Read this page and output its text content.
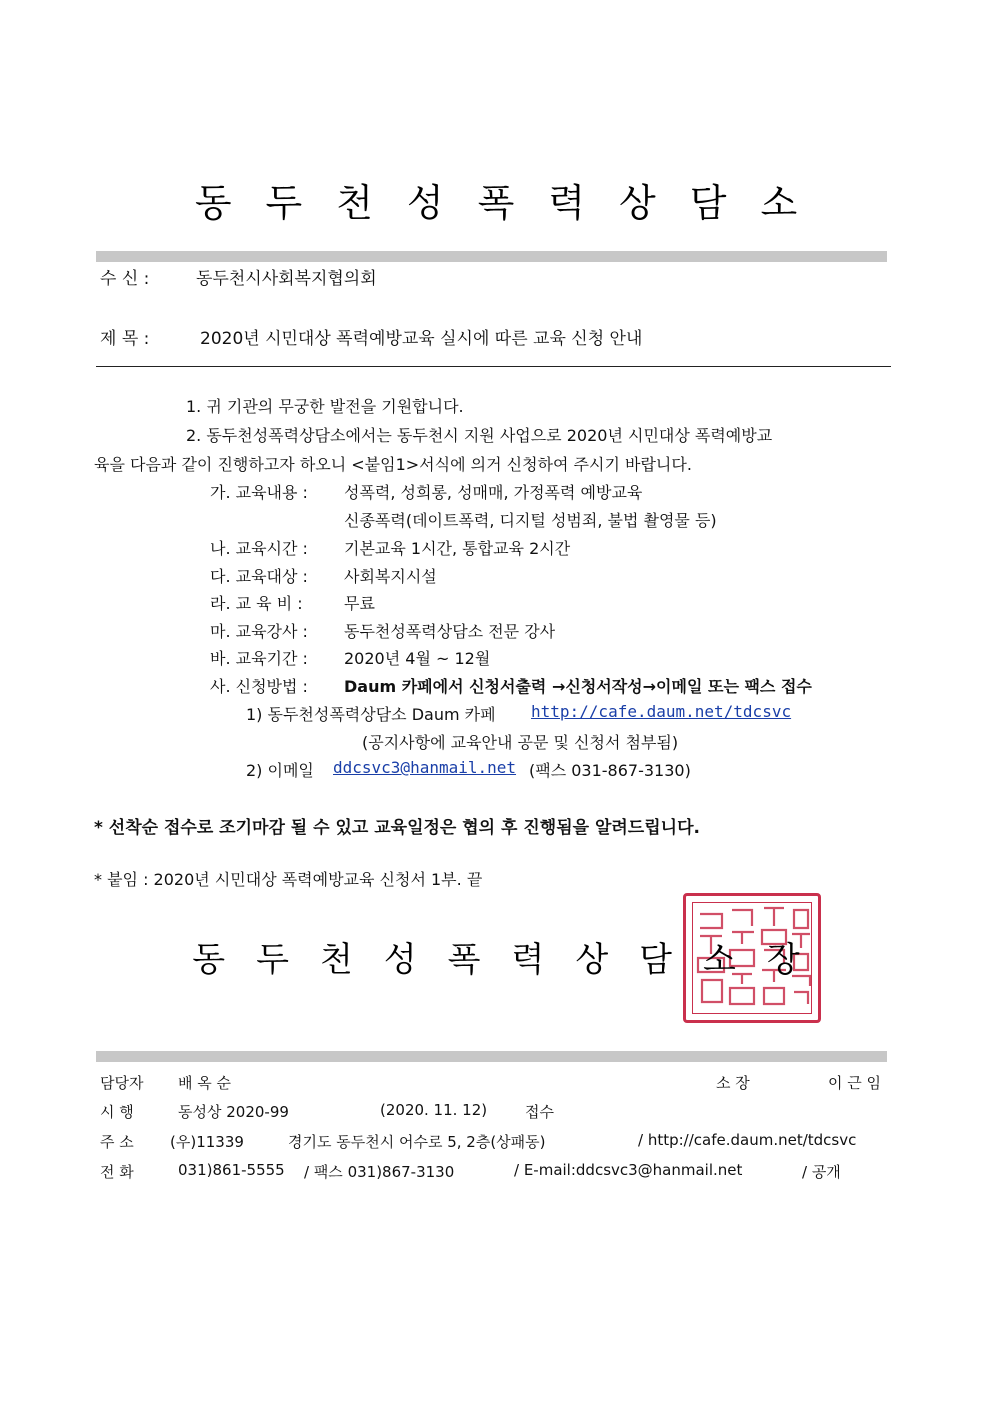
동두천성폭력상담소
수 신 :	동두천시사회복지협의회
제 목 :	2020년 시민대상 폭력예방교육 실시에 따른 교육 신청 안내
1. 귀 기관의 무궁한 발전을 기원합니다.
2. 동두천성폭력상담소에서는 동두천시 지원 사업으로 2020년 시민대상 폭력예방교
육을 다음과 같이 진행하고자 하오니 <붙임1>서식에 의거 신청하여 주시기 바랍니다.
가. 교육내용 : 성폭력, 성희롱, 성매매, 가정폭력 예방교육
신종폭력(데이트폭력, 디지털 성범죄, 불법 촬영물 등)
나. 교육시간 : 기본교육 1시간, 통합교육 2시간
다. 교육대상 : 사회복지시설
라. 교 육 비 :	무료
마. 교육강사 : 동두천성폭력상담소 전문 강사
바. 교육기간 : 2020년 4월 ~ 12월
사. 신청방법 : Daum 카페에서 신청서출력 →신청서작성→이메일 또는 팩스 접수
1) 동두천성폭력상담소 Daum 카페 http://cafe.daum.net/tdcsvc
(공지사항에 교육안내 공문 및 신청서 첨부됨)
2) 이메일 ddcsvc3@hanmail.net (팩스 031-867-3130)
* 선착순 접수로 조기마감 될 수 있고 교육일정은 협의 후 진행됨을 알려드립니다.
* 붙임 : 2020년 시민대상 폭력예방교육 신청서 1부. 끝
동두천성폭력상담소장
담당자 배 옥 순	소 장	이 근 임
시 행	동성상 2020-99	(2020. 11. 12)	접수
주 소 (우)11339	경기도 동두천시 어수로 5, 2층(상패동)	/ http://cafe.daum.net/tdcsvc
전 화	031)861-5555 / 팩스 031)867-3130	/ E-mail:ddcsvc3@hanmail.net	/ 공개
